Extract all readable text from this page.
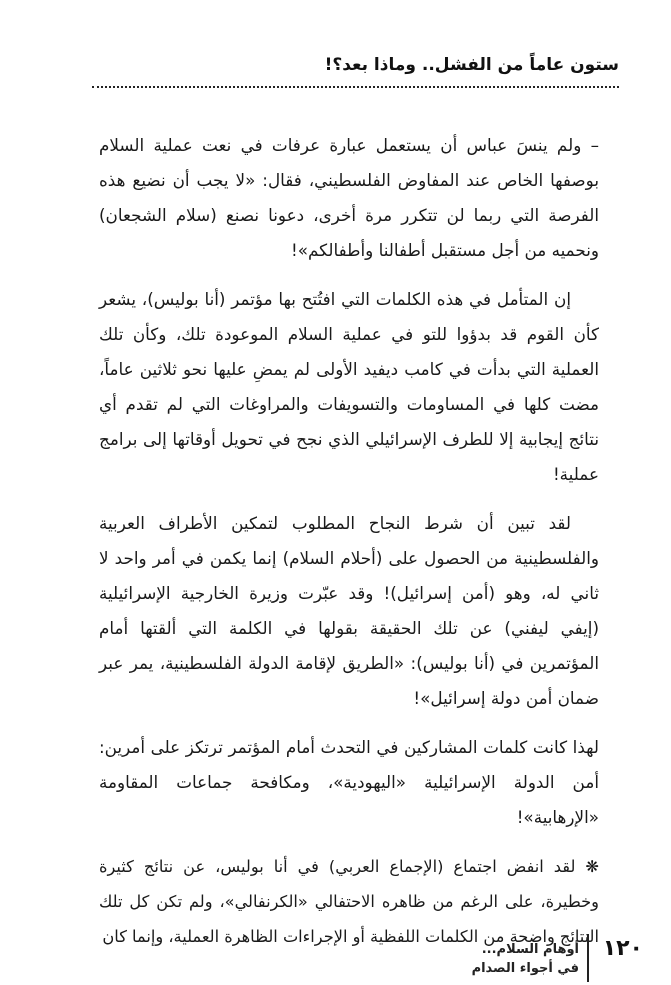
ستون عاماً من الفشل.. وماذا بعد؟!

– ولم ينسَ عباس أن يستعمل عبارة عرفات في نعت عملية السلام بوصفها الخاص عند المفاوض الفلسطيني، فقال: «لا يجب أن نضيع هذه الفرصة التي ربما لن تتكرر مرة أخرى، دعونا نصنع (سلام الشجعان) ونحميه من أجل مستقبل أطفالنا وأطفالكم»!

إن المتأمل في هذه الكلمات التي افتُتح بها مؤتمر (أنا بوليس)، يشعر كأن القوم قد بدؤوا للتو في عملية السلام الموعودة تلك، وكأن تلك العملية التي بدأت في كامب ديفيد الأولى لم يمضِ عليها نحو ثلاثين عاماً، مضت كلها في المساومات والتسويفات والمراوغات التي لم تقدم أي نتائج إيجابية إلا للطرف الإسرائيلي الذي نجح في تحويل أوقاتها إلى برامج عملية!

لقد تبين أن شرط النجاح المطلوب لتمكين الأطراف العربية والفلسطينية من الحصول على (أحلام السلام) إنما يكمن في أمر واحد لا ثاني له، وهو (أمن إسرائيل)! وقد عبّرت وزيرة الخارجية الإسرائيلية (إيفي ليفني) عن تلك الحقيقة بقولها في الكلمة التي ألقتها أمام المؤتمرين في (أنا بوليس): «الطريق لإقامة الدولة الفلسطينية، يمر عبر ضمان أمن دولة إسرائيل»!

لهذا كانت كلمات المشاركين في التحدث أمام المؤتمر ترتكز على أمرين: أمن الدولة الإسرائيلية «اليهودية»، ومكافحة جماعات المقاومة «الإرهابية»!

❋ لقد انفض اجتماع (الإجماع العربي) في أنا بوليس، عن نتائج كثيرة وخطيرة، على الرغم من ظاهره الاحتفالي «الكرنفالي»، ولم تكن كل تلك النتائج واضحة من الكلمات اللفظية أو الإجراءات الظاهرة العملية، وإنما كان ١٢٠
أوهام السلام...
في أجواء الصدام
